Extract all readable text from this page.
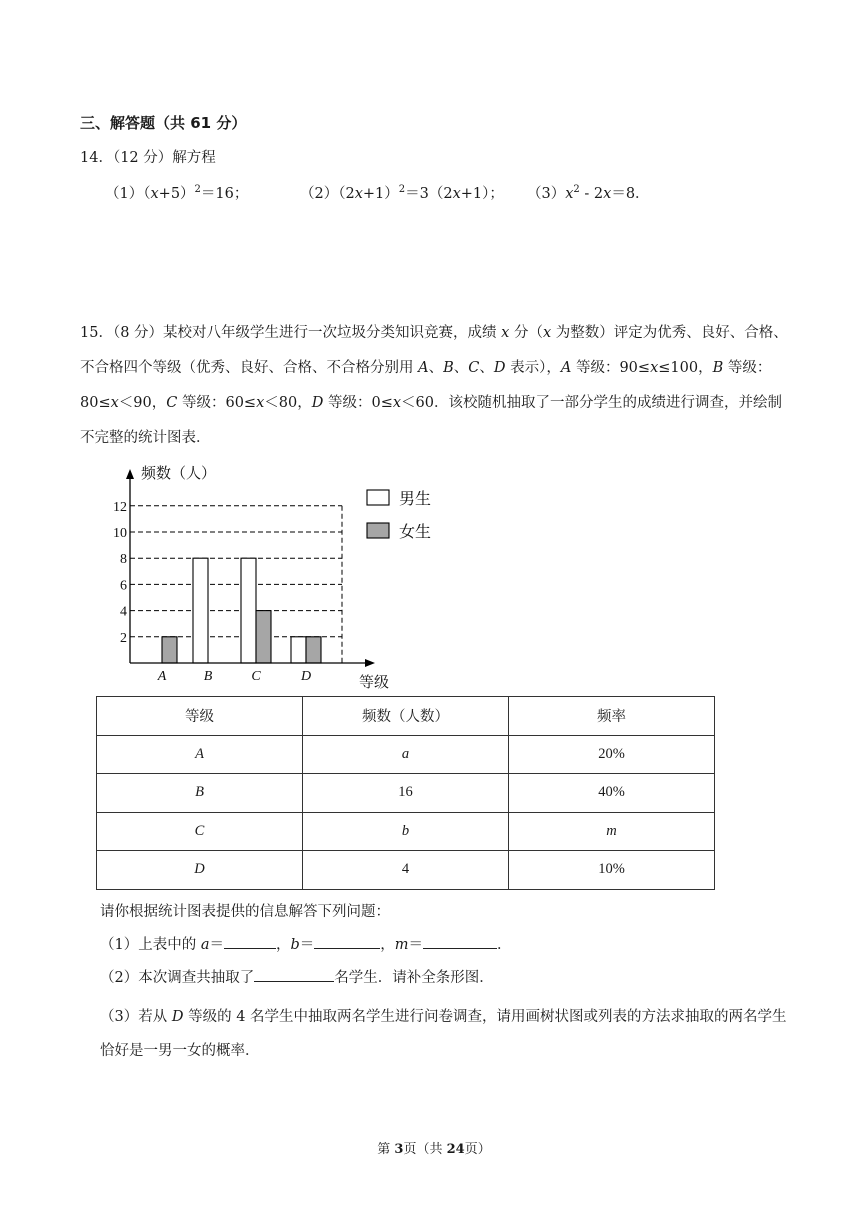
三、解答题（共 61 分）
14．（12 分）解方程
$(1)(x+5)^2=16$；	$(2)(2x+1)^2=3(2x+1)$； $(3)x^2 - 2x=8$．
15．（8 分）某校对八年级学生进行一次垃圾分类知识竞赛，成绩 x 分（x 为整数）评定为优秀、良好、合格、不合格四个等级（优秀、良好、合格、不合格分别用 A、B、C、D 表示），A 等级：90≤x≤100，B 等级：80≤x＜90，C 等级：60≤x＜80，D 等级：0≤x＜60．该校随机抽取了一部分学生的成绩进行调查，并绘制不完整的统计图表．
2
4
6
8
10
12
A	B	C	D
频数（人）
等级
男生
女生
等级	频数（人数）	频率
A	a	20%
B	16	40%
C	b	m
D	4	10%
请你根据统计图表提供的信息解答下列问题：
（1）上表中的 a＝	，b＝	，m＝	．
（2）本次调查共抽取了	名学生．请补全条形图．
（3）若从 D 等级的 4 名学生中抽取两名学生进行问卷调查，请用画树状图或列表的方法求抽取的两名学生恰好是一男一女的概率．
第 3页（共 24页）
